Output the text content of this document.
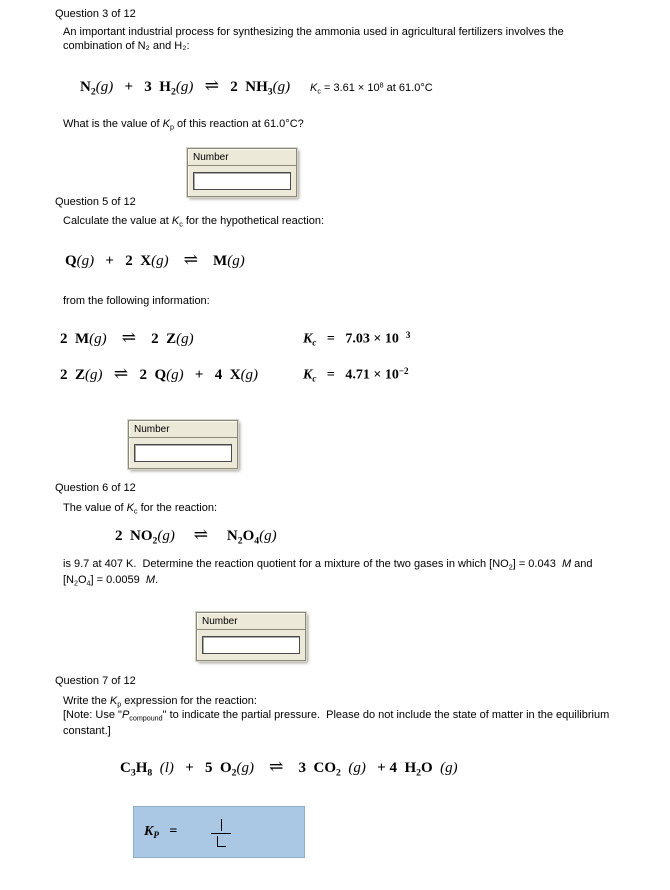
Question 3 of 12
An important industrial process for synthesizing the ammonia used in agricultural fertilizers involves the combination of N₂ and H₂:
$N_2(g) + 3$  $H_2(g)$ ⇌   2  $NH_3(g) K_c = 3.61 \times 10^8$ at 61.0°C
What is the value of $K_p$ of this reaction at 61.0°C?
Number
Question 5 of 12
Calculate the value at $K_c$ for the hypothetical reaction:
Q(g)   +   2  X(g) ⇌ M(g)
from the following information:
2  M(g) ⇌    2  Z(g)	$K_c = 7.03 \times 10$ $^3$
2  Z(g) ⇌   2  Q(g)   +   4  X(g)	$K_c = 4.71 \times 10^{-2}$
Number
Question 6 of 12
The value of $K_c$ for the reaction:
2  $NO_2(g)$ ⇌ $N_2O_4(g)$
is 9.7 at 407 K.  Determine the reaction quotient for a mixture of the two gases in which $[NO_2] = 0.043$  M and $[N_2O_4] = 0.0059$  M.
Number
Question 7 of 12
Write the $K_p$ expression for the reaction:
[Note: Use "$P_{compound}$" to indicate the partial pressure.  Please do not include the state of matter in the equilibrium constant.]
$C_3H_8$ (l)   +   5  $O_2(g)$ ⇌    3  $CO_2$ (g)   + 4  $H_2O$ (g)
$K_P$   =
